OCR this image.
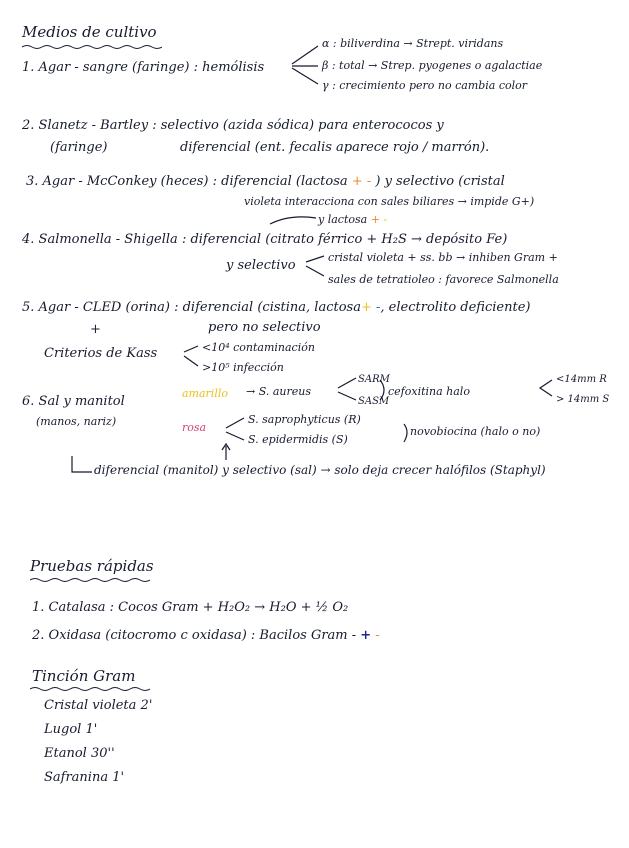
Medios de cultivo
1. Agar - sangre (faringe) : hemólisis
α : biliverdina → Strept. viridans
β : total → Strep. pyogenes o agalactiae
γ : crecimiento pero no cambia color
2. Slanetz - Bartley : selectivo (azida sódica) para enterococos y
(faringe)	diferencial (ent. fecalis aparece rojo / marrón).
3. Agar - McConkey (heces) : diferencial (lactosa + - ) y selectivo (cristal
violeta interacciona con sales biliares → impide G+)
y lactosa + -
4. Salmonella - Shigella : diferencial (citrato férrico + H₂S → depósito Fe)
y selectivo
cristal violeta + ss. bb → inhiben Gram +
sales de tetratioleo : favorece Salmonella
5. Agar - CLED (orina) : diferencial (cistina, lactosa+ -, electrolito deficiente)
+	pero no selectivo
Criterios de Kass	<10⁴ contaminación
>10⁵ infección
6. Sal y manitol
(manos, nariz)
amarillo → S. aureus
SARM
SASM
cefoxitina halo
<14mm R
> 14mm S
rosa
S. saprophyticus (R)
S. epidermidis (S)
novobiocina (halo o no)
diferencial (manitol) y selectivo (sal) → solo deja crecer halófilos (Staphyl)
Pruebas rápidas
1. Catalasa : Cocos Gram + H₂O₂ → H₂O + ½ O₂
2. Oxidasa (citocromo c oxidasa) : Bacilos Gram - + -
Tinción Gram
Cristal violeta 2'
Lugol 1'
Etanol 30''
Safranina 1'
